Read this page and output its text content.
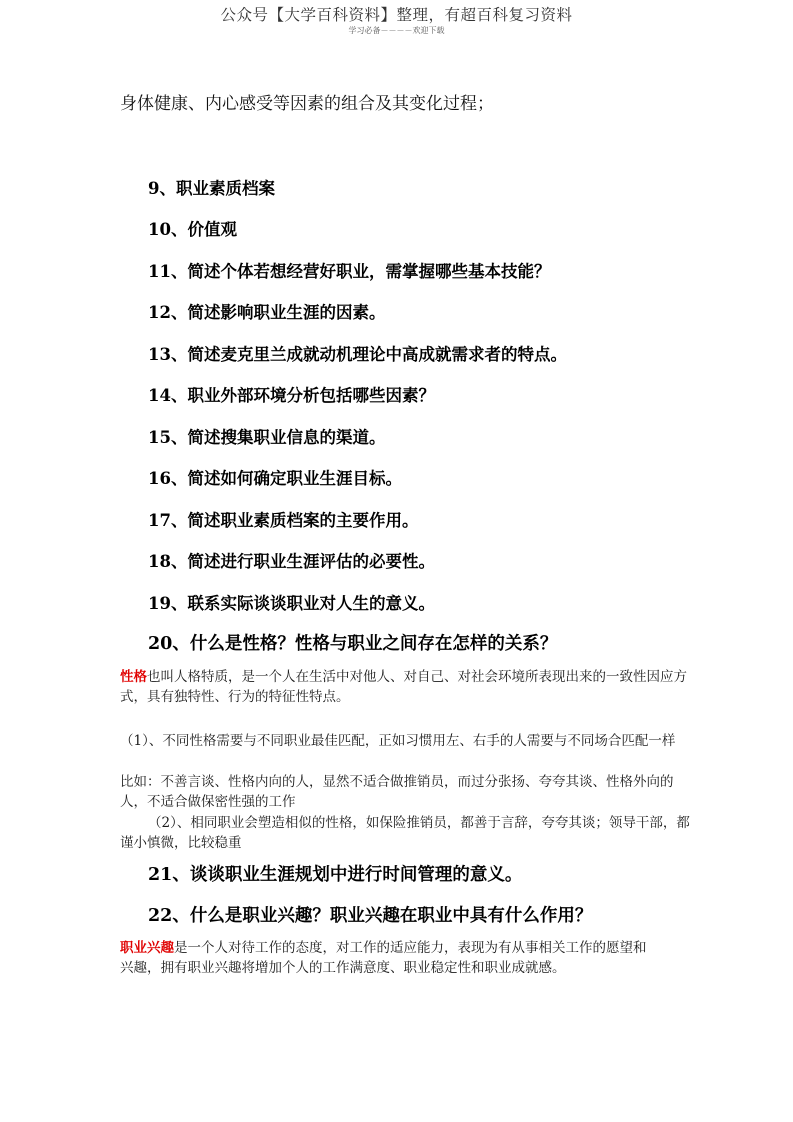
公众号【大学百科资料】整理，有超百科复习资料
学习必备－－－－欢迎下载
身体健康、内心感受等因素的组合及其变化过程；
9、职业素质档案
10、价值观
11、简述个体若想经营好职业，需掌握哪些基本技能？
12、简述影响职业生涯的因素。
13、简述麦克里兰成就动机理论中高成就需求者的特点。
14、职业外部环境分析包括哪些因素？
15、简述搜集职业信息的渠道。
16、简述如何确定职业生涯目标。
17、简述职业素质档案的主要作用。
18、简述进行职业生涯评估的必要性。
19、联系实际谈谈职业对人生的意义。
20、什么是性格？性格与职业之间存在怎样的关系？
性格也叫人格特质，是一个人在生活中对他人、对自己、对社会环境所表现出来的一致性因应方式，具有独特性、行为的特征性特点。
（1）、不同性格需要与不同职业最佳匹配，正如习惯用左、右手的人需要与不同场合匹配一样
比如：不善言谈、性格内向的人，显然不适合做推销员，而过分张扬、夸夸其谈、性格外向的人，不适合做保密性强的工作
（2）、相同职业会塑造相似的性格，如保险推销员，都善于言辞，夸夸其谈；领导干部，都谨小慎微，比较稳重
21、谈谈职业生涯规划中进行时间管理的意义。
22、什么是职业兴趣？职业兴趣在职业中具有什么作用？
职业兴趣是一个人对待工作的态度，对工作的适应能力，表现为有从事相关工作的愿望和兴趣，拥有职业兴趣将增加个人的工作满意度、职业稳定性和职业成就感。
